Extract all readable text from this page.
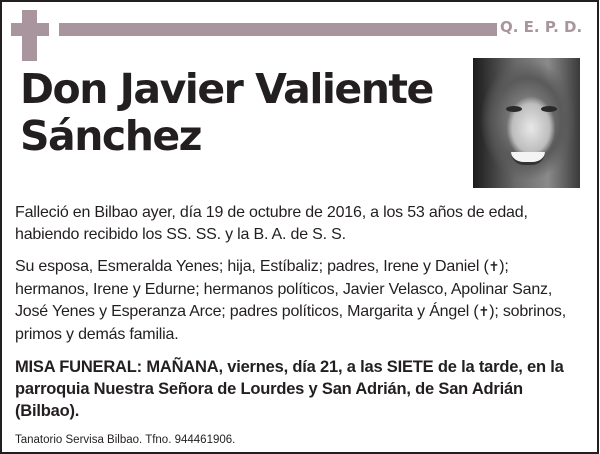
Q. E. P. D.
Don Javier Valiente
Sánchez
Falleció en Bilbao ayer, día 19 de octubre de 2016, a los 53 años de edad, habiendo recibido los SS. SS. y la B. A. de S. S.
Su esposa, Esmeralda Yenes; hija, Estíbaliz; padres, Irene y Daniel (✝); hermanos, Irene y Edurne; hermanos políticos, Javier Velasco, Apolinar Sanz, José Yenes y Esperanza Arce; padres políticos, Margarita y Ángel (✝); sobrinos, primos y demás familia.
MISA FUNERAL: MAÑANA, viernes, día 21, a las SIETE de la tarde, en la parroquia Nuestra Señora de Lourdes y San Adrián, de San Adrián (Bilbao).
Tanatorio Servisa Bilbao. Tfno. 944461906.
